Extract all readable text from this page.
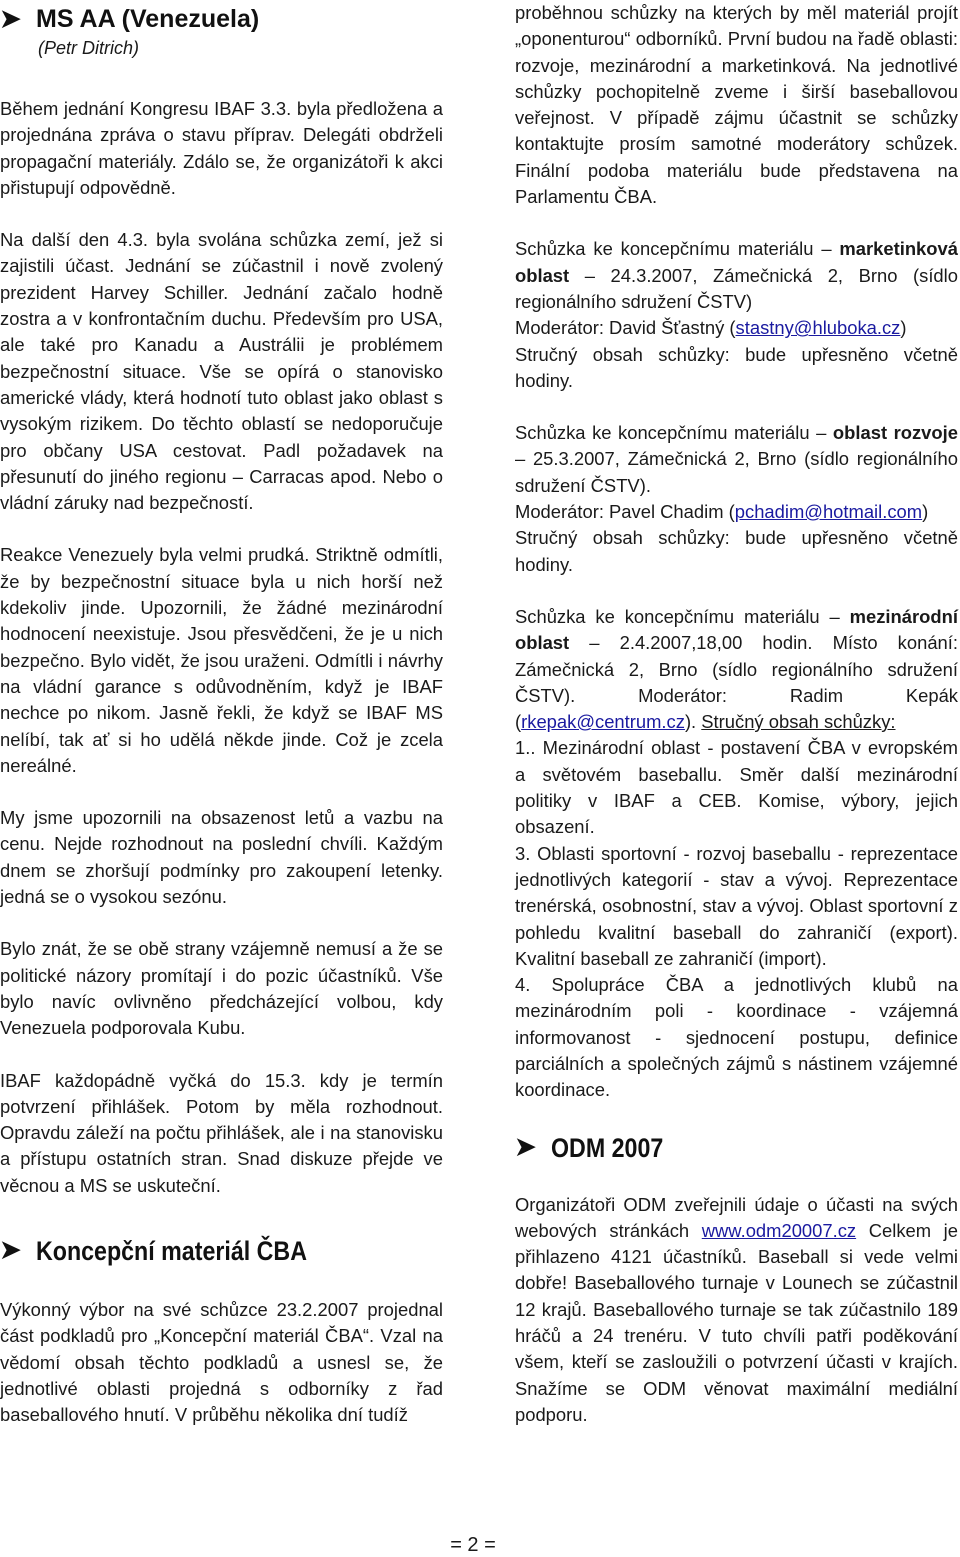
➤ MS AA (Venezuela)
(Petr Ditrich)

Během jednání Kongresu IBAF 3.3. byla předložena a projednána zpráva o stavu příprav. Delegáti obdrželi propagační materiály. Zdálo se, že organizátoři k akci přistupují odpovědně.

Na další den 4.3. byla svolána schůzka zemí, jež si zajistili účast. Jednání se zúčastnil i nově zvolený prezident Harvey Schiller. Jednání začalo hodně zostra a v konfrontačním duchu. Především pro USA, ale také pro Kanadu a Austrálii je problémem bezpečnostní situace. Vše se opírá o stanovisko americké vlády, která hodnotí tuto oblast jako oblast s vysokým rizikem. Do těchto oblastí se nedoporučuje pro občany USA cestovat. Padl požadavek na přesunutí do jiného regionu – Carracas apod. Nebo o vládní záruky nad bezpečností.

Reakce Venezuely byla velmi prudká. Striktně odmítli, že by bezpečnostní situace byla u nich horší než kdekoliv jinde. Upozornili, že žádné mezinárodní hodnocení neexistuje. Jsou přesvědčeni, že je u nich bezpečno. Bylo vidět, že jsou uraženi. Odmítli i návrhy na vládní garance s odůvodněním, když je IBAF nechce po nikom. Jasně řekli, že když se IBAF MS nelíbí, tak ať si ho udělá někde jinde. Což je zcela nereálné.

My jsme upozornili na obsazenost letů a vazbu na cenu. Nejde rozhodnout na poslední chvíli. Každým dnem se zhoršují podmínky pro zakoupení letenky. jedná se o vysokou sezónu.

Bylo znát, že se obě strany vzájemně nemusí a že se politické názory promítají i do pozic účastníků. Vše bylo navíc ovlivněno předcházející volbou, kdy Venezuela podporovala Kubu.

IBAF každopádně vyčká do 15.3. kdy je termín potvrzení přihlášek. Potom by měla rozhodnout. Opravdu záleží na počtu přihlášek, ale i na stanovisku a přístupu ostatních stran. Snad diskuze přejde ve věcnou a MS se uskuteční.

➤ Koncepční materiál ČBA

Výkonný výbor na své schůzce 23.2.2007 projednal část podkladů pro „Koncepční materiál ČBA“. Vzal na vědomí obsah těchto podkladů a usnesl se, že jednotlivé oblasti projedná s odborníky z řad baseballového hnutí. V průběhu několika dní tudíž

proběhnou schůzky na kterých by měl materiál projít „oponenturou“ odborníků. První budou na řadě oblasti: rozvoje, mezinárodní a marketinková. Na jednotlivé schůzky pochopitelně zveme i širší baseballovou veřejnost. V případě zájmu účastnit se schůzky kontaktujte prosím samotné moderátory schůzek. Finální podoba materiálu bude představena na Parlamentu ČBA.

Schůzka ke koncepčnímu materiálu – marketinková oblast – 24.3.2007, Zámečnická 2, Brno (sídlo regionálního sdružení ČSTV)

Moderátor: David Šťastný (stastny@hluboka.cz)

Stručný obsah schůzky: bude upřesněno včetně hodiny.

Schůzka ke koncepčnímu materiálu – oblast rozvoje – 25.3.2007, Zámečnická 2, Brno (sídlo regionálního sdružení ČSTV).

Moderátor: Pavel Chadim (pchadim@hotmail.com)

Stručný obsah schůzky: bude upřesněno včetně hodiny.

Schůzka ke koncepčnímu materiálu – mezinárodní oblast – 2.4.2007,18,00 hodin. Místo konání: Zámečnická 2, Brno (sídlo regionálního sdružení ČSTV). Moderátor: Radim Kepák (rkepak@centrum.cz). Stručný obsah schůzky:

1.. Mezinárodní oblast - postavení ČBA v evropském a světovém baseballu. Směr další mezinárodní politiky v IBAF a CEB. Komise, výbory, jejich obsazení.

3. Oblasti sportovní - rozvoj baseballu - reprezentace jednotlivých kategorií - stav a vývoj. Reprezentace trenérská, osobnostní, stav a vývoj. Oblast sportovní z pohledu kvalitní baseball do zahraničí (export). Kvalitní baseball ze zahraničí (import).

4. Spolupráce ČBA a jednotlivých klubů na mezinárodním poli - koordinace - vzájemná informovanost - sjednocení postupu, definice parciálních a společných zájmů s nástinem vzájemné koordinace.

➤ ODM 2007

Organizátoři ODM zveřejnili údaje o účasti na svých webových stránkách www.odm20007.cz Celkem je přihlazeno 4121 účastníků. Baseball si vede velmi dobře! Baseballového turnaje v Lounech se zúčastnil 12 krajů. Baseballového turnaje se tak zúčastnilo 189 hráčů a 24 trenéru. V tuto chvíli patři poděkování všem, kteří se zasloužili o potvrzení účasti v krajích. Snažíme se ODM věnovat maximální mediální podporu.

= 2 =
